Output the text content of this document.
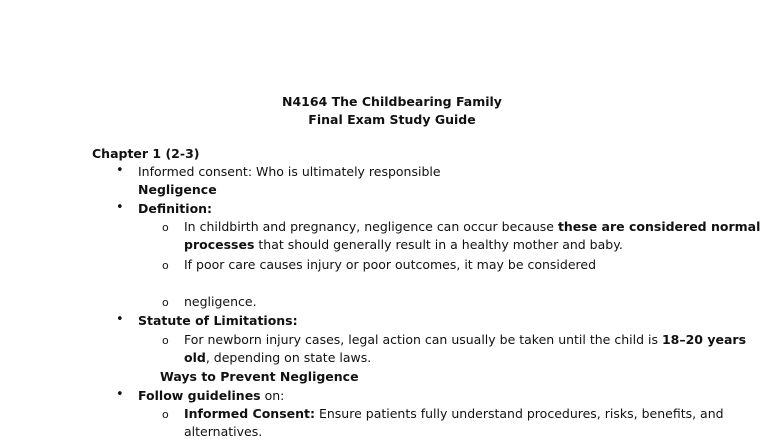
N4164 The Childbearing Family
Final Exam Study Guide
Chapter 1 (2-3)
• Informed consent: Who is ultimately responsible
Negligence
• Definition:
o In childbirth and pregnancy, negligence can occur because these are considered normal
processes that should generally result in a healthy mother and baby.
o If poor care causes injury or poor outcomes, it may be considered
o negligence.
• Statute of Limitations:
o For newborn injury cases, legal action can usually be taken until the child is 18–20 years
old, depending on state laws.
Ways to Prevent Negligence
• Follow guidelines on:
o Informed Consent: Ensure patients fully understand procedures, risks, benefits, and
alternatives.
